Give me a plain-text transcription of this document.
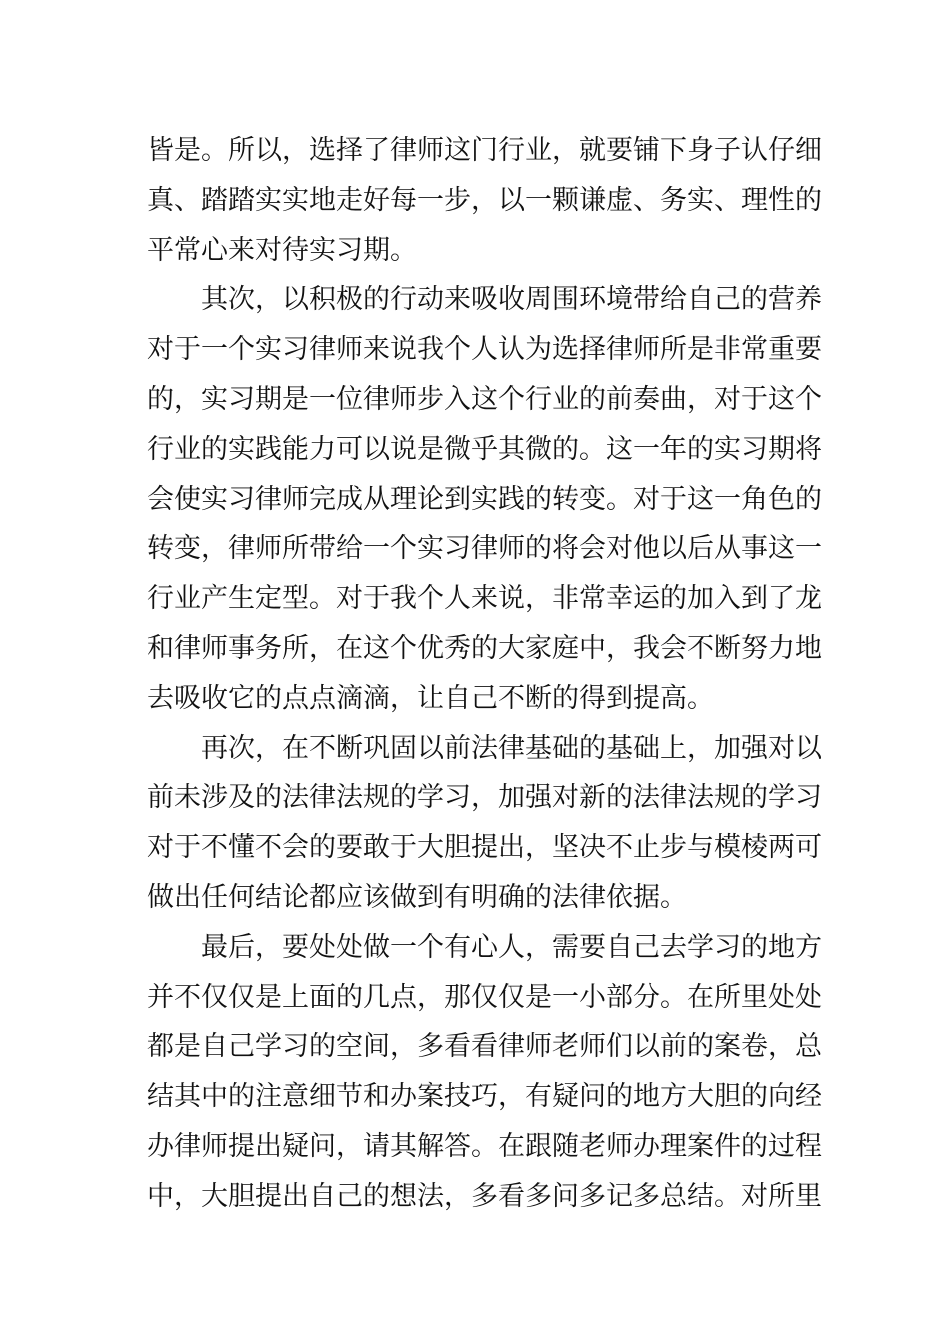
皆是。所以，选择了律师这门行业，就要铺下身子认仔细
真、踏踏实实地走好每一步，以一颗谦虚、务实、理性的
平常心来对待实习期。
　　其次，以积极的行动来吸收周围环境带给自己的营养
对于一个实习律师来说我个人认为选择律师所是非常重要
的，实习期是一位律师步入这个行业的前奏曲，对于这个
行业的实践能力可以说是微乎其微的。这一年的实习期将
会使实习律师完成从理论到实践的转变。对于这一角色的
转变，律师所带给一个实习律师的将会对他以后从事这一
行业产生定型。对于我个人来说，非常幸运的加入到了龙
和律师事务所，在这个优秀的大家庭中，我会不断努力地
去吸收它的点点滴滴，让自己不断的得到提高。
　　再次，在不断巩固以前法律基础的基础上，加强对以
前未涉及的法律法规的学习，加强对新的法律法规的学习
对于不懂不会的要敢于大胆提出，坚决不止步与模棱两可
做出任何结论都应该做到有明确的法律依据。
　　最后，要处处做一个有心人，需要自己去学习的地方
并不仅仅是上面的几点，那仅仅是一小部分。在所里处处
都是自己学习的空间，多看看律师老师们以前的案卷，总
结其中的注意细节和办案技巧，有疑问的地方大胆的向经
办律师提出疑问，请其解答。在跟随老师办理案件的过程
中，大胆提出自己的想法，多看多问多记多总结。对所里
